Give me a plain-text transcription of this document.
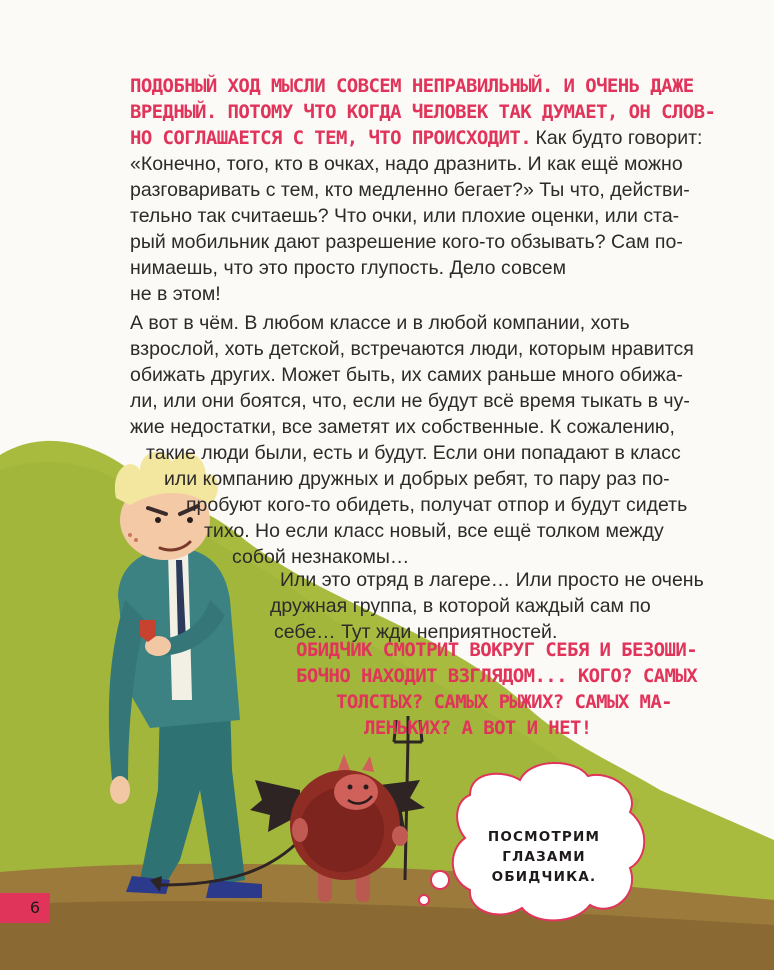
ПОДОБНЫЙ ХОД МЫСЛИ СОВСЕМ НЕПРАВИЛЬНЫЙ. И ОЧЕНЬ ДАЖЕ
ВРЕДНЫЙ. ПОТОМУ ЧТО КОГДА ЧЕЛОВЕК ТАК ДУМАЕТ, ОН СЛОВ-
НО СОГЛАШАЕТСЯ С ТЕМ, ЧТО ПРОИСХОДИТ. Как будто говорит:
«Конечно, того, кто в очках, надо дразнить. И как ещё можно
разговаривать с тем, кто медленно бегает?» Ты что, действи-
тельно так считаешь? Что очки, или плохие оценки, или ста-
рый мобильник дают разрешение кого-то обзывать? Сам по-
нимаешь, что это просто глупость. Дело совсем
не в этом!
А вот в чём. В любом классе и в любой компании, хоть
взрослой, хоть детской, встречаются люди, которым нравится
обижать других. Может быть, их самих раньше много обижа-
ли, или они боятся, что, если не будут всё время тыкать в чу-
жие недостатки, все заметят их собственные. К сожалению,
такие люди были, есть и будут. Если они попадают в класс
или компанию дружных и добрых ребят, то пару раз по-
пробуют кого-то обидеть, получат отпор и будут сидеть
тихо. Но если класс новый, все ещё толком между
собой незнакомы…
Или это отряд в лагере… Или просто не очень
дружная группа, в которой каждый сам по
себе… Тут жди неприятностей.
ОБИДЧИК СМОТРИТ ВОКРУГ СЕБЯ И БЕЗОШИ-
БОЧНО НАХОДИТ ВЗГЛЯДОМ... КОГО? САМЫХ
ТОЛСТЫХ? САМЫХ РЫЖИХ? САМЫХ МА-
ЛЕНЬКИХ? А ВОТ И НЕТ!
ПОСМОТРИМ
ГЛАЗАМИ
ОБИДЧИКА.
6
